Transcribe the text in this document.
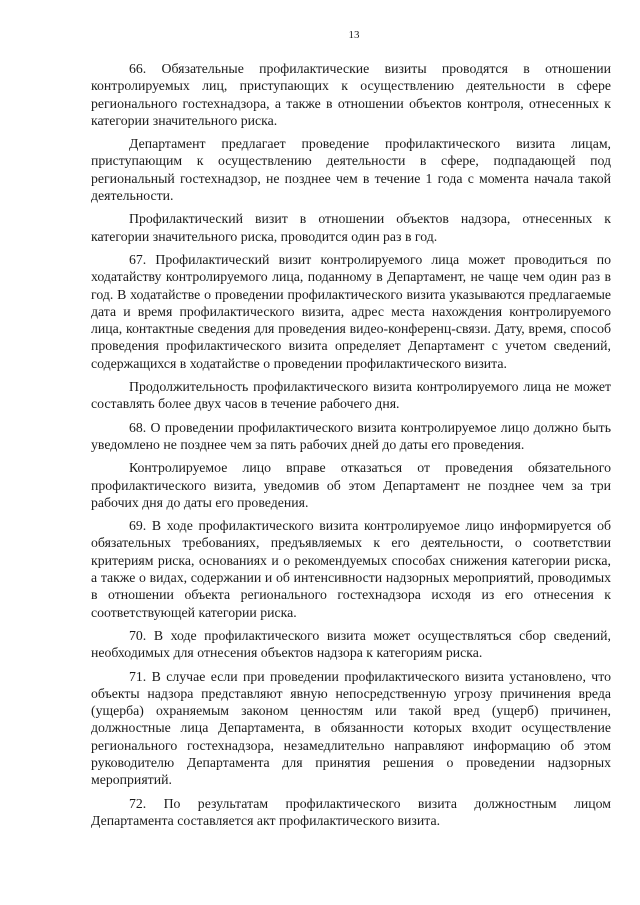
13

66. Обязательные профилактические визиты проводятся в отношении контролируемых лиц, приступающих к осуществлению деятельности в сфере регионального гостехнадзора, а также в отношении объектов контроля, отнесенных к категории значительного риска.

Департамент предлагает проведение профилактического визита лицам, приступающим к осуществлению деятельности в сфере, подпадающей под региональный гостехнадзор, не позднее чем в течение 1 года с момента начала такой деятельности.

Профилактический визит в отношении объектов надзора, отнесенных к категории значительного риска, проводится один раз в год.

67. Профилактический визит контролируемого лица может проводиться по ходатайству контролируемого лица, поданному в Департамент, не чаще чем один раз в год. В ходатайстве о проведении профилактического визита указываются предлагаемые дата и время профилактического визита, адрес места нахождения контролируемого лица, контактные сведения для проведения видео-конференц-связи. Дату, время, способ проведения профилактического визита определяет Департамент с учетом сведений, содержащихся в ходатайстве о проведении профилактического визита.

Продолжительность профилактического визита контролируемого лица не может составлять более двух часов в течение рабочего дня.

68. О проведении профилактического визита контролируемое лицо должно быть уведомлено не позднее чем за пять рабочих дней до даты его проведения.

Контролируемое лицо вправе отказаться от проведения обязательного профилактического визита, уведомив об этом Департамент не позднее чем за три рабочих дня до даты его проведения.

69. В ходе профилактического визита контролируемое лицо информируется об обязательных требованиях, предъявляемых к его деятельности, о соответствии критериям риска, основаниях и о рекомендуемых способах снижения категории риска, а также о видах, содержании и об интенсивности надзорных мероприятий, проводимых в отношении объекта регионального гостехнадзора исходя из его отнесения к соответствующей категории риска.

70. В ходе профилактического визита может осуществляться сбор сведений, необходимых для отнесения объектов надзора к категориям риска.

71. В случае если при проведении профилактического визита установлено, что объекты надзора представляют явную непосредственную угрозу причинения вреда (ущерба) охраняемым законом ценностям или такой вред (ущерб) причинен, должностные лица Департамента, в обязанности которых входит осуществление регионального гостехнадзора, незамедлительно направляют информацию об этом руководителю Департамента для принятия решения о проведении надзорных мероприятий.

72. По результатам профилактического визита должностным лицом Департамента составляется акт профилактического визита.
